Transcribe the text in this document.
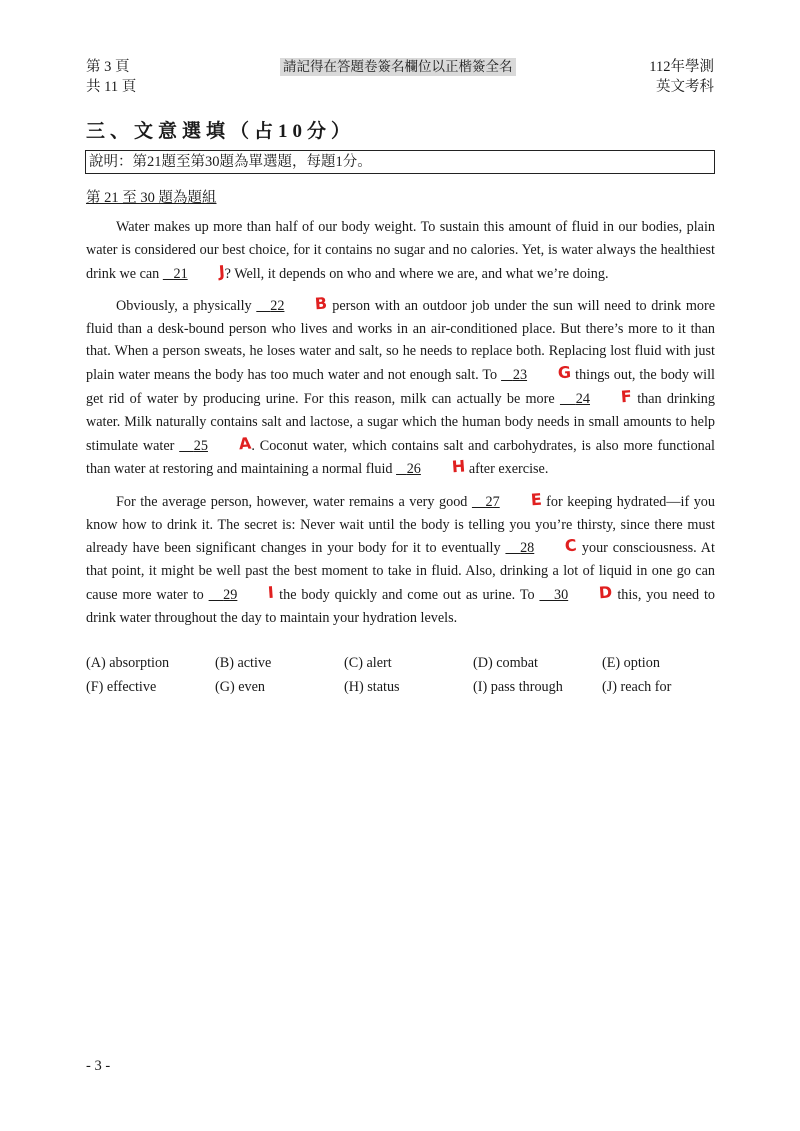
第 3 頁
共 11 頁
請記得在答題卷簽名欄位以正楷簽全名	112年學測
英文考科
三、文意選填（占10分）
說明：第21題至第30題為單選題，每題1分。
第 21 至 30 題為題組

Water makes up more than half of our body weight. To sustain this amount of fluid in our bodies, plain water is considered our best choice, for it contains no sugar and no calories. Yet, is water always the healthiest drink we can    21 J? Well, it depends on who and where we are, and what we’re doing.

Obviously, a physically    22 B person with an outdoor job under the sun will need to drink more fluid than a desk-bound person who lives and works in an air-conditioned place. But there’s more to it than that. When a person sweats, he loses water and salt, so he needs to replace both. Replacing lost fluid with just plain water means the body has too much water and not enough salt. To    23 G things out, the body will get rid of water by producing urine. For this reason, milk can actually be more    24 F than drinking water. Milk naturally contains salt and lactose, a sugar which the human body needs in small amounts to help stimulate water    25 A. Coconut water, which contains salt and carbohydrates, is also more functional than water at restoring and maintaining a normal fluid    26 H after exercise.

For the average person, however, water remains a very good    27 E for keeping hydrated—if you know how to drink it. The secret is: Never wait until the body is telling you you’re thirsty, since there must already have been significant changes in your body for it to eventually    28 C your consciousness. At that point, it might be well past the best moment to take in fluid. Also, drinking a lot of liquid in one go can cause more water to    29 I the body quickly and come out as urine. To    30 D this, you need to drink water throughout the day to maintain your hydration levels.

(A) absorption	(B) active	(C) alert	(D) combat	(E) option
(F) effective	(G) even	(H) status	(I) pass through	(J) reach for
- 3 -
